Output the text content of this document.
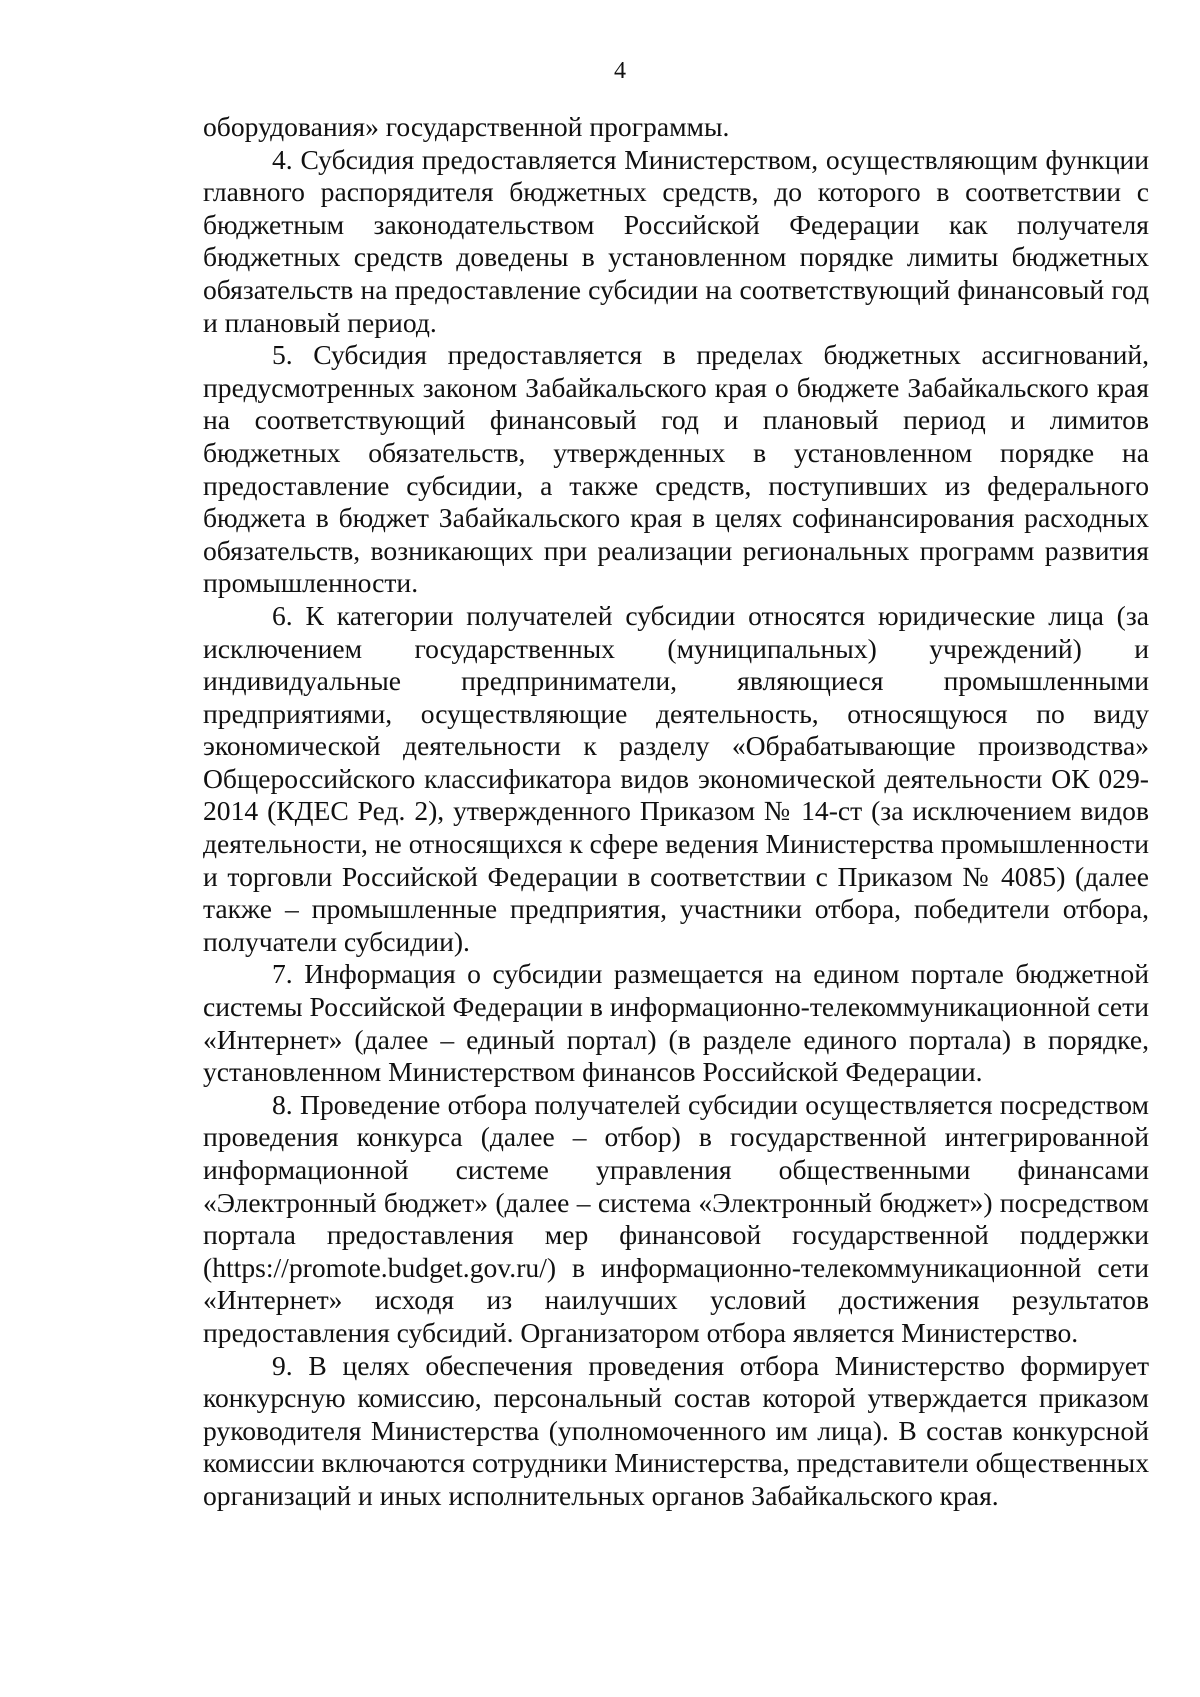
4

оборудования» государственной программы.

4. Субсидия предоставляется Министерством, осуществляющим функции главного распорядителя бюджетных средств, до которого в соответствии с бюджетным законодательством Российской Федерации как получателя бюджетных средств доведены в установленном порядке лимиты бюджетных обязательств на предоставление субсидии на соответствующий финансовый год и плановый период.

5. Субсидия предоставляется в пределах бюджетных ассигнований, предусмотренных законом Забайкальского края о бюджете Забайкальского края на соответствующий финансовый год и плановый период и лимитов бюджетных обязательств, утвержденных в установленном порядке на предоставление субсидии, а также средств, поступивших из федерального бюджета в бюджет Забайкальского края в целях софинансирования расходных обязательств, возникающих при реализации региональных программ развития промышленности.

6. К категории получателей субсидии относятся юридические лица (за исключением государственных (муниципальных) учреждений) и индивидуальные предприниматели, являющиеся промышленными предприятиями, осуществляющие деятельность, относящуюся по виду экономической деятельности к разделу «Обрабатывающие производства» Общероссийского классификатора видов экономической деятельности ОК 029-2014 (КДЕС Ред. 2), утвержденного Приказом № 14-ст (за исключением видов деятельности, не относящихся к сфере ведения Министерства промышленности и торговли Российской Федерации в соответствии с Приказом № 4085) (далее также – промышленные предприятия, участники отбора, победители отбора, получатели субсидии).

7. Информация о субсидии размещается на едином портале бюджетной системы Российской Федерации в информационно-телекоммуникационной сети «Интернет» (далее – единый портал) (в разделе единого портала) в порядке, установленном Министерством финансов Российской Федерации.

8. Проведение отбора получателей субсидии осуществляется посредством проведения конкурса (далее – отбор) в государственной интегрированной информационной системе управления общественными финансами «Электронный бюджет» (далее – система «Электронный бюджет») посредством портала предоставления мер финансовой государственной поддержки (https://promote.budget.gov.ru/) в информационно-телекоммуникационной сети «Интернет» исходя из наилучших условий достижения результатов предоставления субсидий. Организатором отбора является Министерство.

9. В целях обеспечения проведения отбора Министерство формирует конкурсную комиссию, персональный состав которой утверждается приказом руководителя Министерства (уполномоченного им лица). В состав конкурсной комиссии включаются сотрудники Министерства, представители общественных организаций и иных исполнительных органов Забайкальского края.
